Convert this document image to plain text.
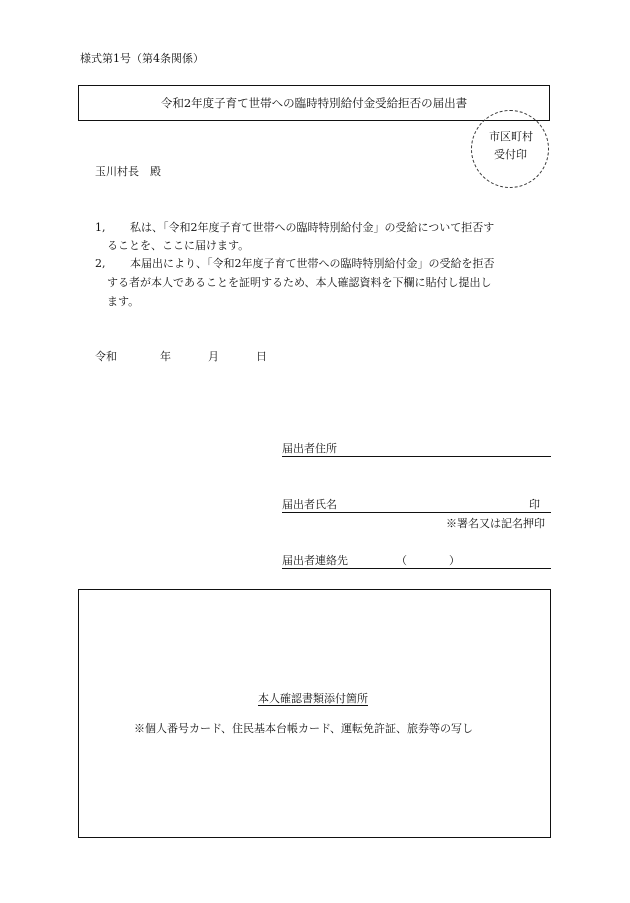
様式第1号（第4条関係）
令和2年度子育て世帯への臨時特別給付金受給拒否の届出書
市区町村
受付印
玉川村長　殿
1, 私は、「令和2年度子育て世帯への臨時特別給付金」の受給について拒否す
ることを、ここに届けます。
2, 本届出により、「令和2年度子育て世帯への臨時特別給付金」の受給を拒否
する者が本人であることを証明するため、本人確認資料を下欄に貼付し提出し
ます。
令和	年	月	日
届出者住所
届出者氏名	印
※署名又は記名押印
届出者連絡先	（	）
本人確認書類添付箇所
※個人番号カード、住民基本台帳カード、運転免許証、旅券等の写し
